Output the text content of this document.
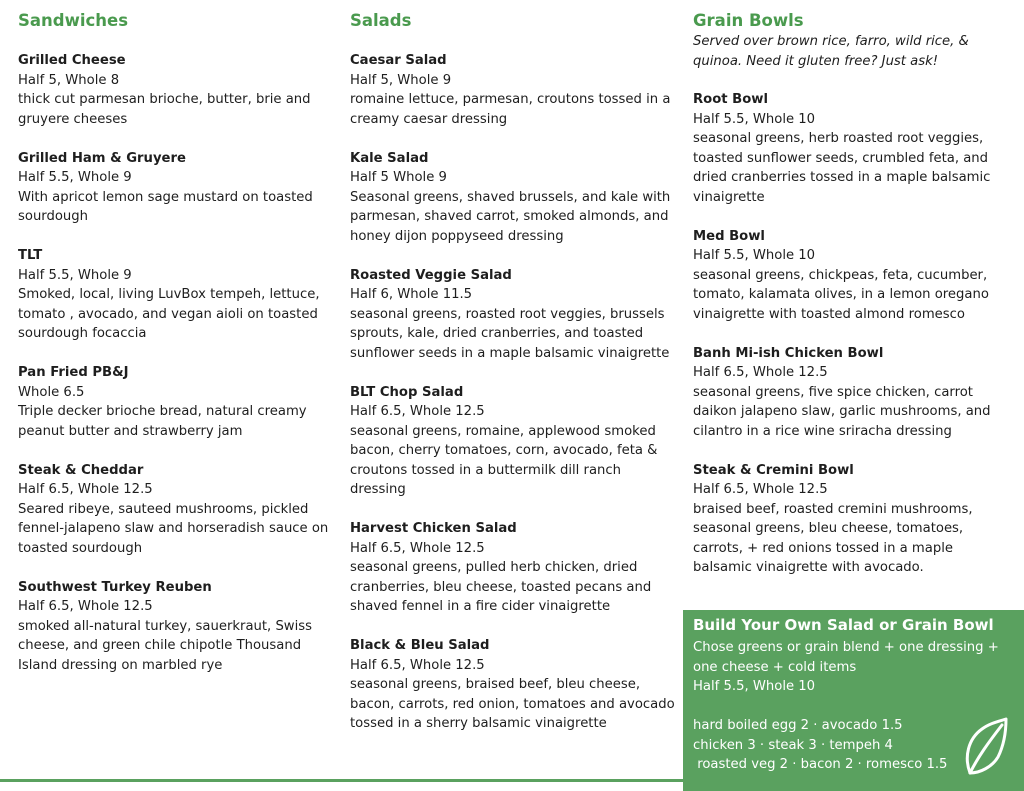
Sandwiches
Grilled Cheese
Half 5, Whole 8
thick cut parmesan brioche, butter, brie and gruyere cheeses
Grilled Ham & Gruyere
Half 5.5, Whole 9
With apricot lemon sage mustard on toasted sourdough
TLT
Half 5.5, Whole 9
Smoked, local, living LuvBox tempeh, lettuce, tomato , avocado, and vegan aioli on toasted sourdough focaccia
Pan Fried PB&J
Whole 6.5
Triple decker brioche bread, natural creamy peanut butter and strawberry jam
Steak & Cheddar
Half 6.5, Whole 12.5
Seared ribeye, sauteed mushrooms, pickled fennel-jalapeno slaw and horseradish sauce on toasted sourdough
Southwest Turkey Reuben
Half 6.5, Whole 12.5
smoked all-natural turkey, sauerkraut, Swiss cheese, and green chile chipotle Thousand Island dressing on marbled rye
Salads
Caesar Salad
Half 5, Whole 9
romaine lettuce, parmesan, croutons tossed in a creamy caesar dressing
Kale Salad
Half 5 Whole 9
Seasonal greens, shaved brussels, and kale with parmesan, shaved carrot, smoked almonds, and honey dijon poppyseed dressing
Roasted Veggie Salad
Half 6, Whole 11.5
seasonal greens, roasted root veggies, brussels sprouts, kale, dried cranberries, and toasted sunflower seeds in a maple balsamic vinaigrette
BLT Chop Salad
Half 6.5, Whole 12.5
seasonal greens, romaine, applewood smoked bacon, cherry tomatoes, corn, avocado, feta & croutons tossed in a buttermilk dill ranch dressing
Harvest Chicken Salad
Half 6.5, Whole 12.5
seasonal greens, pulled herb chicken, dried cranberries, bleu cheese, toasted pecans and shaved fennel in a fire cider vinaigrette
Black & Bleu Salad
Half 6.5, Whole 12.5
seasonal greens, braised beef, bleu cheese, bacon, carrots, red onion, tomatoes and avocado tossed in a sherry balsamic vinaigrette
Grain Bowls

Served over brown rice, farro, wild rice, & quinoa. Need it gluten free? Just ask!

Root Bowl
Half 5.5, Whole 10
seasonal greens, herb roasted root veggies, toasted sunflower seeds, crumbled feta, and dried cranberries tossed in a maple balsamic vinaigrette
Med Bowl
Half 5.5, Whole 10
seasonal greens, chickpeas, feta, cucumber, tomato, kalamata olives, in a lemon oregano vinaigrette with toasted almond romesco
Banh Mi-ish Chicken Bowl
Half 6.5, Whole 12.5
seasonal greens, five spice chicken, carrot daikon jalapeno slaw, garlic mushrooms, and cilantro in a rice wine sriracha dressing
Steak & Cremini Bowl
Half 6.5, Whole 12.5
braised beef, roasted cremini mushrooms, seasonal greens, bleu cheese, tomatoes, carrots, + red onions tossed in a maple balsamic vinaigrette with avocado.
Build Your Own Salad or Grain Bowl
Chose greens or grain blend + one dressing + one cheese + cold items
Half 5.5, Whole 10
hard boiled egg 2 · avocado 1.5
chicken 3 · steak 3 · tempeh 4
roasted veg 2 · bacon 2 · romesco 1.5
